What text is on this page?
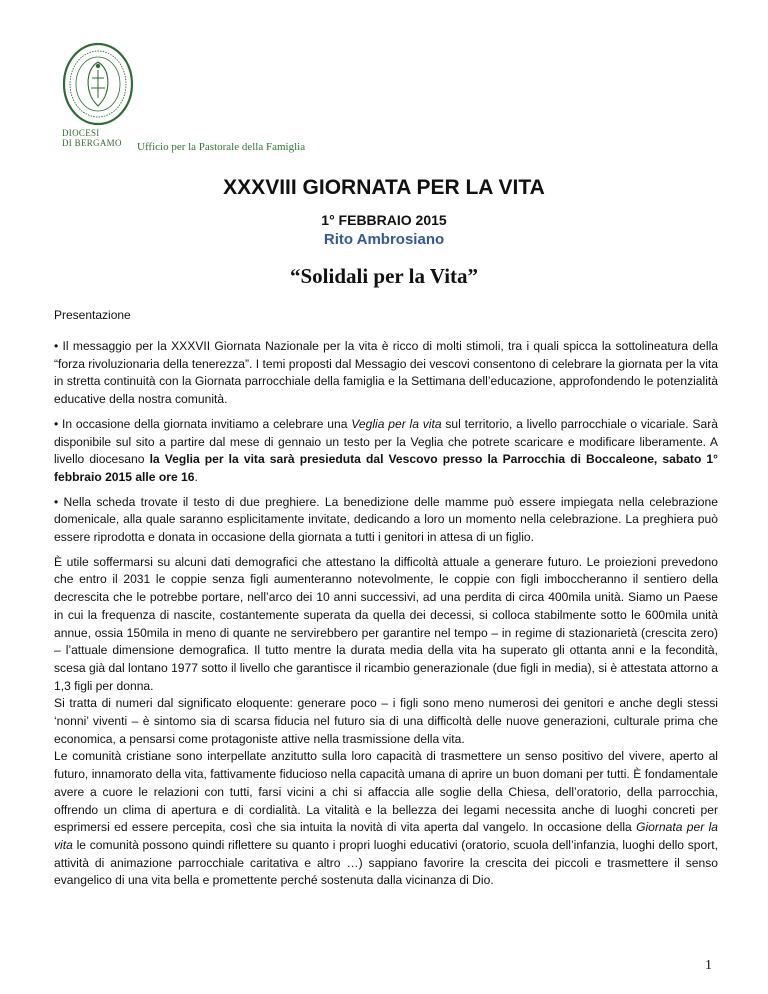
DIOCESI
DI BERGAMO Ufficio per la Pastorale della Famiglia
XXXVIII GIORNATA PER LA VITA
1° FEBBRAIO 2015
Rito Ambrosiano
“Solidali per la Vita”
Presentazione

• Il messaggio per la XXXVII Giornata Nazionale per la vita è ricco di molti stimoli, tra i quali spicca la sottolineatura della “forza rivoluzionaria della tenerezza”. I temi proposti dal Messagio dei vescovi consentono di celebrare la giornata per la vita in stretta continuità con la Giornata parrocchiale della famiglia e la Settimana dell’educazione, approfondendo le potenzialità educative della nostra comunità.

• In occasione della giornata invitiamo a celebrare una Veglia per la vita sul territorio, a livello parrocchiale o vicariale. Sarà disponibile sul sito a partire dal mese di gennaio un testo per la Veglia che potrete scaricare e modificare liberamente. A livello diocesano la Veglia per la vita sarà presieduta dal Vescovo presso la Parrocchia di Boccaleone, sabato 1° febbraio 2015 alle ore 16.

• Nella scheda trovate il testo di due preghiere. La benedizione delle mamme può essere impiegata nella celebrazione domenicale, alla quale saranno esplicitamente invitate, dedicando a loro un momento nella celebrazione. La preghiera può essere riprodotta e donata in occasione della giornata a tutti i genitori in attesa di un figlio.

È utile soffermarsi su alcuni dati demografici che attestano la difficoltà attuale a generare futuro. Le proiezioni prevedono che entro il 2031 le coppie senza figli aumenteranno notevolmente, le coppie con figli imboccheranno il sentiero della decrescita che le potrebbe portare, nell’arco dei 10 anni successivi, ad una perdita di circa 400mila unità. Siamo un Paese in cui la frequenza di nascite, costantemente superata da quella dei decessi, si colloca stabilmente sotto le 600mila unità annue, ossia 150mila in meno di quante ne servirebbero per garantire nel tempo – in regime di stazionarietà (crescita zero) – l’attuale dimensione demografica. Il tutto mentre la durata media della vita ha superato gli ottanta anni e la fecondità, scesa già dal lontano 1977 sotto il livello che garantisce il ricambio generazionale (due figli in media), si è attestata attorno a 1,3 figli per donna.

Si tratta di numeri dal significato eloquente: generare poco – i figli sono meno numerosi dei genitori e anche degli stessi ‘nonni’ viventi – è sintomo sia di scarsa fiducia nel futuro sia di una difficoltà delle nuove generazioni, culturale prima che economica, a pensarsi come protagoniste attive nella trasmissione della vita.

Le comunità cristiane sono interpellate anzitutto sulla loro capacità di trasmettere un senso positivo del vivere, aperto al futuro, innamorato della vita, fattivamente fiducioso nella capacità umana di aprire un buon domani per tutti. È fondamentale avere a cuore le relazioni con tutti, farsi vicini a chi si affaccia alle soglie della Chiesa, dell’oratorio, della parrocchia, offrendo un clima di apertura e di cordialità. La vitalità e la bellezza dei legami necessita anche di luoghi concreti per esprimersi ed essere percepita, così che sia intuita la novità di vita aperta dal vangelo. In occasione della Giornata per la vita le comunità possono quindi riflettere su quanto i propri luoghi educativi (oratorio, scuola dell’infanzia, luoghi dello sport, attività di animazione parrocchiale caritativa e altro …) sappiano favorire la crescita dei piccoli e trasmettere il senso evangelico di una vita bella e promettente perché sostenuta dalla vicinanza di Dio.

1
